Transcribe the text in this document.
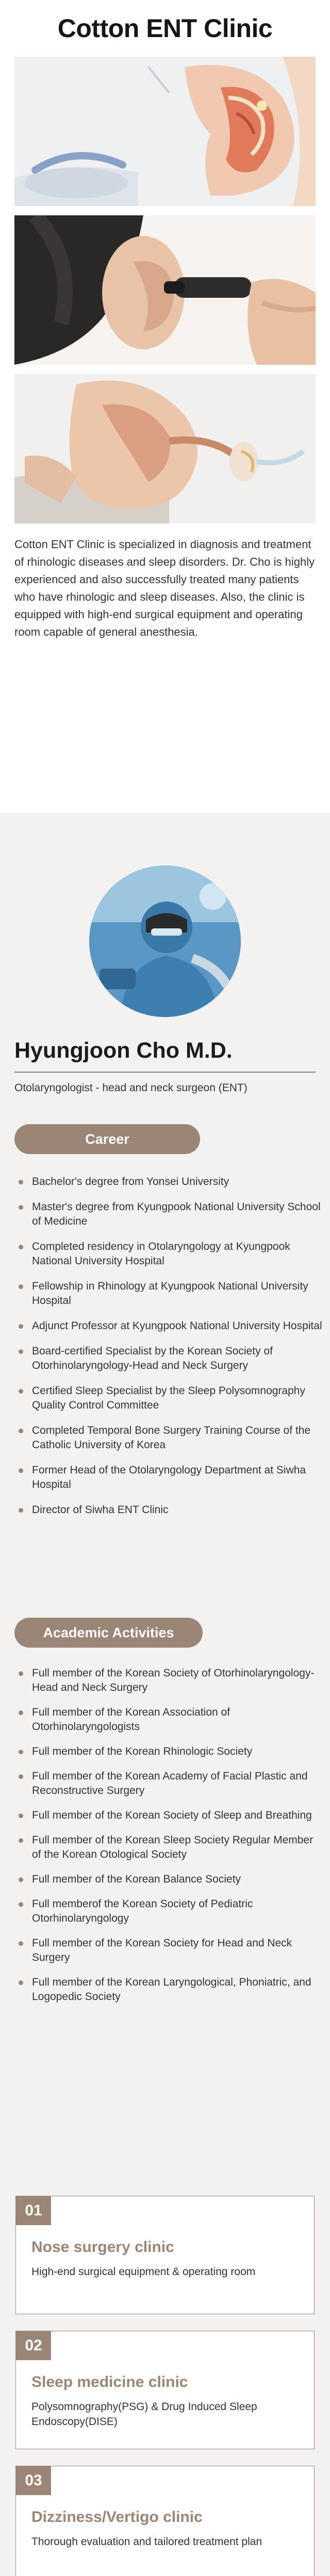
Cotton ENT Clinic

Cotton ENT Clinic is specialized in diagnosis and treatment of rhinologic diseases and sleep disorders. Dr. Cho is highly experienced and also successfully treated many patients who have rhinologic and sleep diseases. Also, the clinic is equipped with high-end surgical equipment and operating room capable of general anesthesia.

Hyungjoon Cho M.D.
Otolaryngologist - head and neck surgeon (ENT)
Career
Bachelor's degree from Yonsei University
Master's degree from Kyungpook National University School of Medicine
Completed residency in Otolaryngology at Kyungpook National University Hospital
Fellowship in Rhinology at Kyungpook National University Hospital
Adjunct Professor at Kyungpook National University Hospital
Board-certified Specialist by the Korean Society of Otorhinolaryngology-Head and Neck Surgery
Certified Sleep Specialist by the Sleep Polysomnography Quality Control Committee
Completed Temporal Bone Surgery Training Course of the Catholic University of Korea
Former Head of the Otolaryngology Department at Siwha Hospital
Director of Siwha ENT Clinic
Academic Activities
Full member of the Korean Society of Otorhinolaryngology-Head and Neck Surgery
Full member of the Korean Association of Otorhinolaryngologists
Full member of the Korean Rhinologic Society
Full member of the Korean Academy of Facial Plastic and Reconstructive Surgery
Full member of the Korean Society of Sleep and Breathing
Full member of the Korean Sleep Society Regular Member of the Korean Otological Society
Full member of the Korean Balance Society
Full memberof the Korean Society of Pediatric Otorhinolaryngology
Full member of the Korean Society for Head and Neck Surgery
Full member of the Korean Laryngological, Phoniatric, and Logopedic Society
01
Nose surgery clinic
High-end surgical equipment & operating room
02
Sleep medicine clinic
Polysomnography(PSG) & Drug Induced Sleep Endoscopy(DISE)
03
Dizziness/Vertigo clinic
Thorough evaluation and tailored treatment plan
